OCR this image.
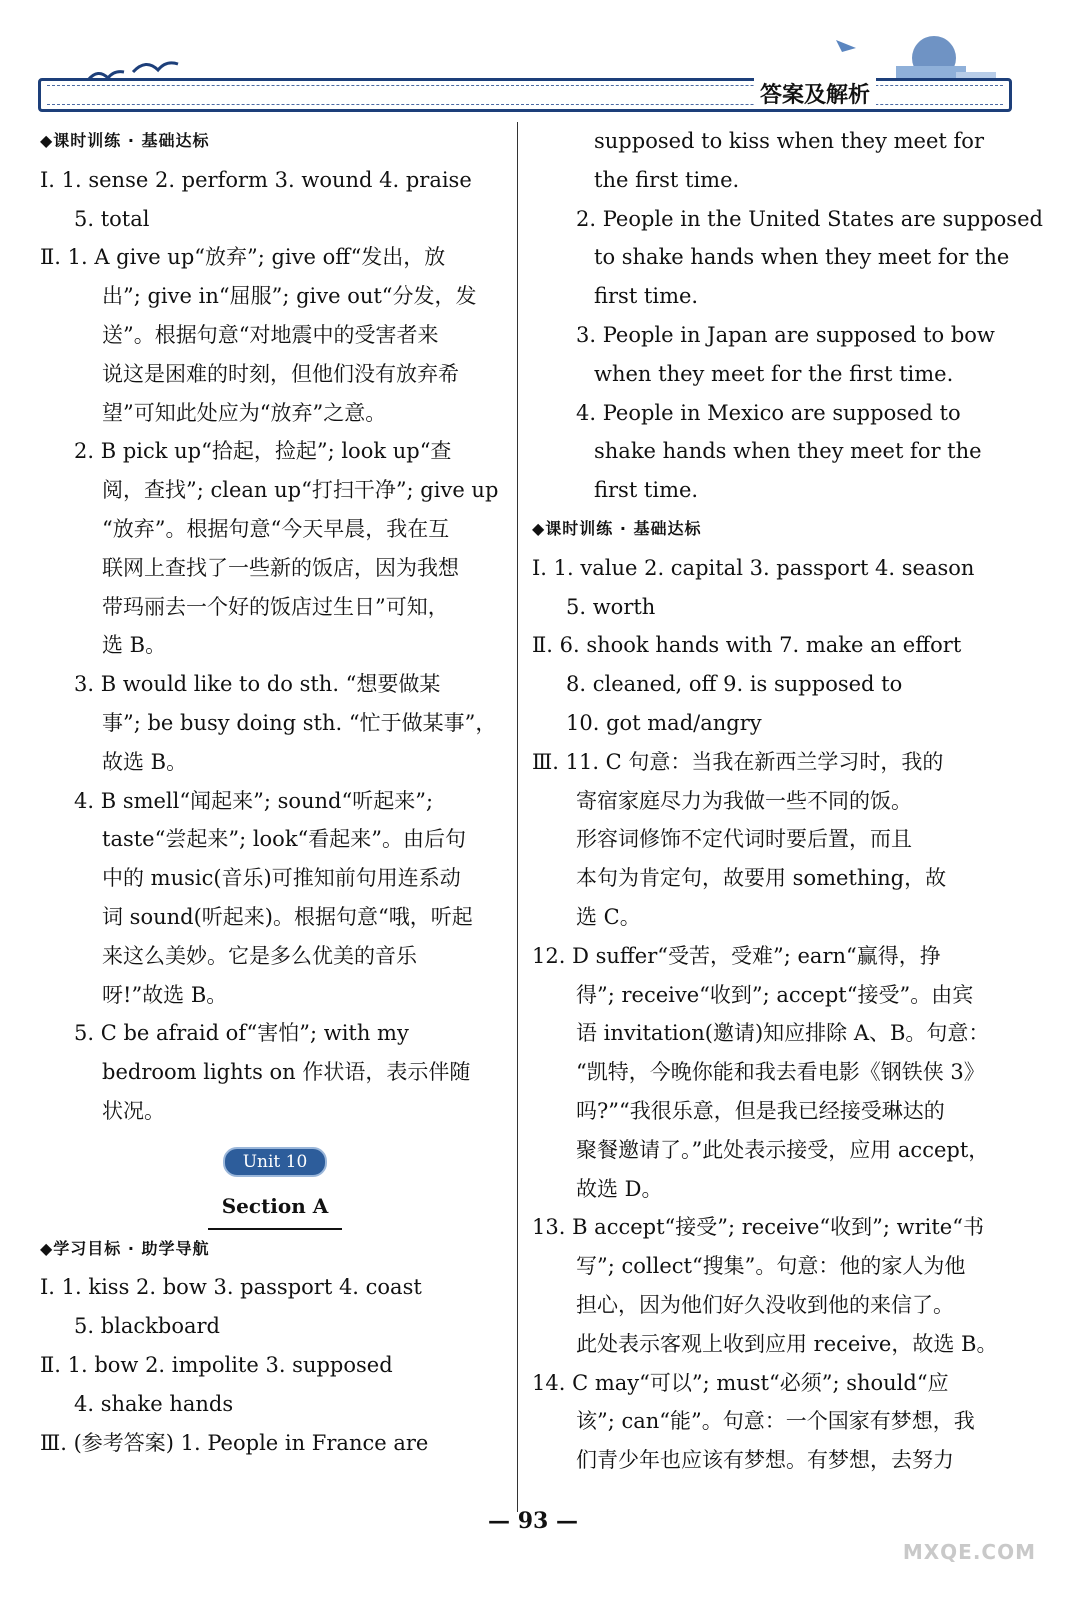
答案及解析
◆课时训练 · 基础达标
Ⅰ. 1. sense 2. perform 3. wound 4. praise
5. total
Ⅱ. 1. A give up“放弃”; give off“发出，放
出”; give in“屈服”; give out“分发，发
送”。根据句意“对地震中的受害者来
说这是困难的时刻，但他们没有放弃希
望”可知此处应为“放弃”之意。
2. B pick up“拾起，捡起”; look up“查
阅，查找”; clean up“打扫干净”; give up
“放弃”。根据句意“今天早晨，我在互
联网上查找了一些新的饭店，因为我想
带玛丽去一个好的饭店过生日”可知，
选 B。
3. B would like to do sth. “想要做某
事”; be busy doing sth. “忙于做某事”，
故选 B。
4. B smell“闻起来”; sound“听起来”;
taste“尝起来”; look“看起来”。由后句
中的 music(音乐)可推知前句用连系动
词 sound(听起来)。根据句意“哦，听起
来这么美妙。它是多么优美的音乐
呀!”故选 B。
5. C be afraid of“害怕”; with my
bedroom lights on 作状语，表示伴随
状况。
Unit 10
Section A
◆学习目标 · 助学导航
Ⅰ. 1. kiss 2. bow 3. passport 4. coast
5. blackboard
Ⅱ. 1. bow 2. impolite 3. supposed
4. shake hands
Ⅲ. (参考答案) 1. People in France are
supposed to kiss when they meet for
the first time.
2. People in the United States are supposed
to shake hands when they meet for the
first time.
3. People in Japan are supposed to bow
when they meet for the first time.
4. People in Mexico are supposed to
shake hands when they meet for the
first time.
◆课时训练 · 基础达标
Ⅰ. 1. value 2. capital 3. passport 4. season
5. worth
Ⅱ. 6. shook hands with 7. make an effort
8. cleaned, off 9. is supposed to
10. got mad/angry
Ⅲ. 11. C 句意：当我在新西兰学习时，我的
寄宿家庭尽力为我做一些不同的饭。
形容词修饰不定代词时要后置，而且
本句为肯定句，故要用 something，故
选 C。
12. D suffer“受苦，受难”; earn“赢得，挣
得”; receive“收到”; accept“接受”。由宾
语 invitation(邀请)知应排除 A、B。句意：
“凯特，今晚你能和我去看电影《钢铁侠 3》
吗?”“我很乐意，但是我已经接受琳达的
聚餐邀请了。”此处表示接受，应用 accept，
故选 D。
13. B accept“接受”; receive“收到”; write“书
写”; collect“搜集”。句意：他的家人为他
担心，因为他们好久没收到他的来信了。
此处表示客观上收到应用 receive，故选 B。
14. C may“可以”; must“必须”; should“应
该”; can“能”。句意：一个国家有梦想，我
们青少年也应该有梦想。有梦想，去努力
— 93 —
MXQE.COM
